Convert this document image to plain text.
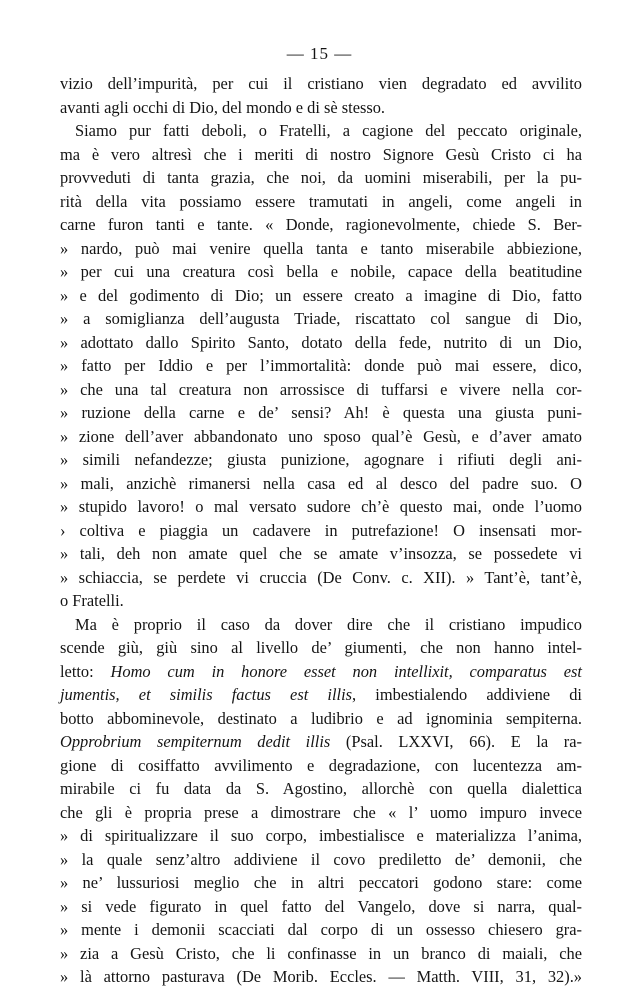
— 15 —
vizio dell’impurità, per cui il cristiano vien degradato ed avvilito
avanti agli occhi di Dio, del mondo e di sè stesso.
Siamo pur fatti deboli, o Fratelli, a cagione del peccato originale,
ma è vero altresì che i meriti di nostro Signore Gesù Cristo ci ha
provveduti di tanta grazia, che noi, da uomini miserabili, per la pu-
rità della vita possiamo essere tramutati in angeli, come angeli in
carne furon tanti e tante. « Donde, ragionevolmente, chiede S. Ber-
» nardo, può mai venire quella tanta e tanto miserabile abbiezione,
» per cui una creatura così bella e nobile, capace della beatitudine
» e del godimento di Dio; un essere creato a imagine di Dio, fatto
» a somiglianza dell’augusta Triade, riscattato col sangue di Dio,
» adottato dallo Spirito Santo, dotato della fede, nutrito di un Dio,
» fatto per Iddio e per l’immortalità: donde può mai essere, dico,
» che una tal creatura non arrossisce di tuffarsi e vivere nella cor-
» ruzione della carne e de’ sensi? Ah! è questa una giusta puni-
» zione dell’aver abbandonato uno sposo qual’è Gesù, e d’aver amato
» simili nefandezze; giusta punizione, agognare i rifiuti degli ani-
» mali, anzichè rimanersi nella casa ed al desco del padre suo. O
» stupido lavoro! o mal versato sudore ch’è questo mai, onde l’uomo
› coltiva e piaggia un cadavere in putrefazione! O insensati mor-
» tali, deh non amate quel che se amate v’insozza, se possedete vi
» schiaccia, se perdete vi cruccia (De Conv. c. XII). » Tant’è, tant’è,
o Fratelli.
Ma è proprio il caso da dover dire che il cristiano impudico
scende giù, giù sino al livello de’ giumenti, che non hanno intel-
letto: Homo cum in honore esset non intellixit, comparatus est
jumentis, et similis factus est illis, imbestialendo addiviene di
botto abbominevole, destinato a ludibrio e ad ignominia sempiterna.
Opprobrium sempiternum dedit illis (Psal. LXXVI, 66). E la ra-
gione di cosiffatto avvilimento e degradazione, con lucentezza am-
mirabile ci fu data da S. Agostino, allorchè con quella dialettica
che gli è propria prese a dimostrare che « l’ uomo impuro invece
» di spiritualizzare il suo corpo, imbestialisce e materializza l’anima,
» la quale senz’altro addiviene il covo prediletto de’ demonii, che
» ne’ lussuriosi meglio che in altri peccatori godono stare: come
» si vede figurato in quel fatto del Vangelo, dove si narra, qual-
» mente i demonii scacciati dal corpo di un ossesso chiesero gra-
» zia a Gesù Cristo, che li confinasse in un branco di maiali, che
» là attorno pasturava (De Morib. Eccles. — Matth. VIII, 31, 32).»
